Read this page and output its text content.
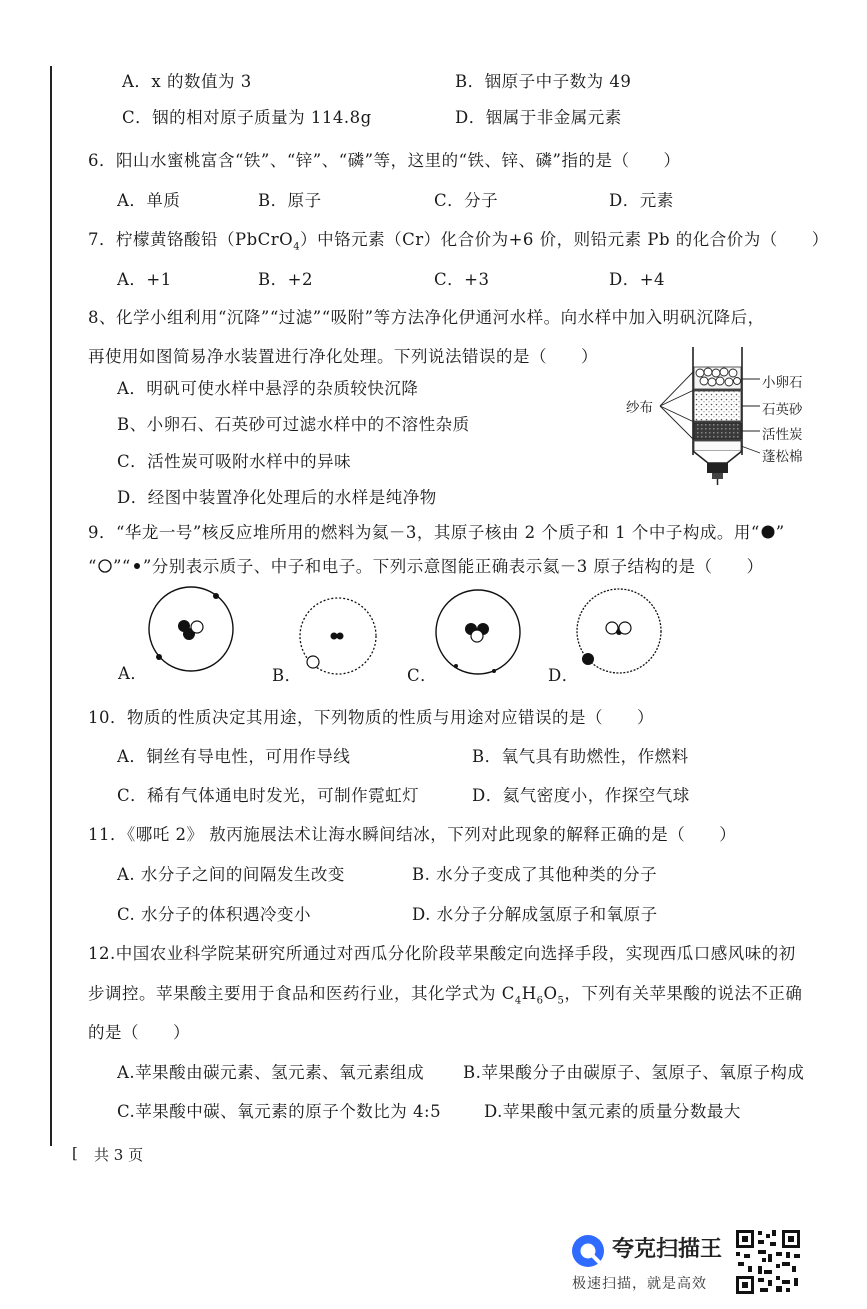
A．x 的数值为 3	B．铟原子中子数为 49
C．铟的相对原子质量为 114.8g	D．铟属于非金属元素
6．阳山水蜜桃富含“铁”、“锌”、“磷”等，这里的“铁、锌、磷”指的是（　　）
A．单质	B．原子	C．分子	D．元素
7．柠檬黄铬酸铅（PbCrO$_4$）中铬元素（Cr）化合价为+6 价，则铅元素 Pb 的化合价为（　　）
A．+1	B．+2	C．+3	D．+4
8、化学小组利用“沉降”“过滤”“吸附”等方法净化伊通河水样。向水样中加入明矾沉降后，
再使用如图简易净水装置进行净化处理。下列说法错误的是（　　）
A．明矾可使水样中悬浮的杂质较快沉降
B、小卵石、石英砂可过滤水样中的不溶性杂质
C．活性炭可吸附水样中的异味
D．经图中装置净化处理后的水样是纯净物
纱布
小卵石
石英砂
活性炭
蓬松棉
9．“华龙一号”核反应堆所用的燃料为氦－3，其原子核由 2 个质子和 1 个中子构成。用“ ”
“ ”“ ”分别表示质子、中子和电子。下列示意图能正确表示氦－3 原子结构的是（　　）
A．	B．	C．	D．
10．物质的性质决定其用途，下列物质的性质与用途对应错误的是（　　）
A．铜丝有导电性，可用作导线	B．氧气具有助燃性，作燃料
C．稀有气体通电时发光，可制作霓虹灯	D．氦气密度小，作探空气球
11．《哪吒 2》 敖丙施展法术让海水瞬间结冰，下列对此现象的解释正确的是（　　）
A. 水分子之间的间隔发生改变	B. 水分子变成了其他种类的分子
C. 水分子的体积遇冷变小	D. 水分子分解成氢原子和氧原子
12.中国农业科学院某研究所通过对西瓜分化阶段苹果酸定向选择手段，实现西瓜口感风味的初
步调控。苹果酸主要用于食品和医药行业，其化学式为 $C_4H_6O_5$，下列有关苹果酸的说法不正确
的是（　　）
A.苹果酸由碳元素、氢元素、氧元素组成 B.苹果酸分子由碳原子、氢原子、氧原子构成
C.苹果酸中碳、氧元素的原子个数比为 4:5	D.苹果酸中氢元素的质量分数最大
[ 共 3 页
夸克扫描王
极速扫描，就是高效
